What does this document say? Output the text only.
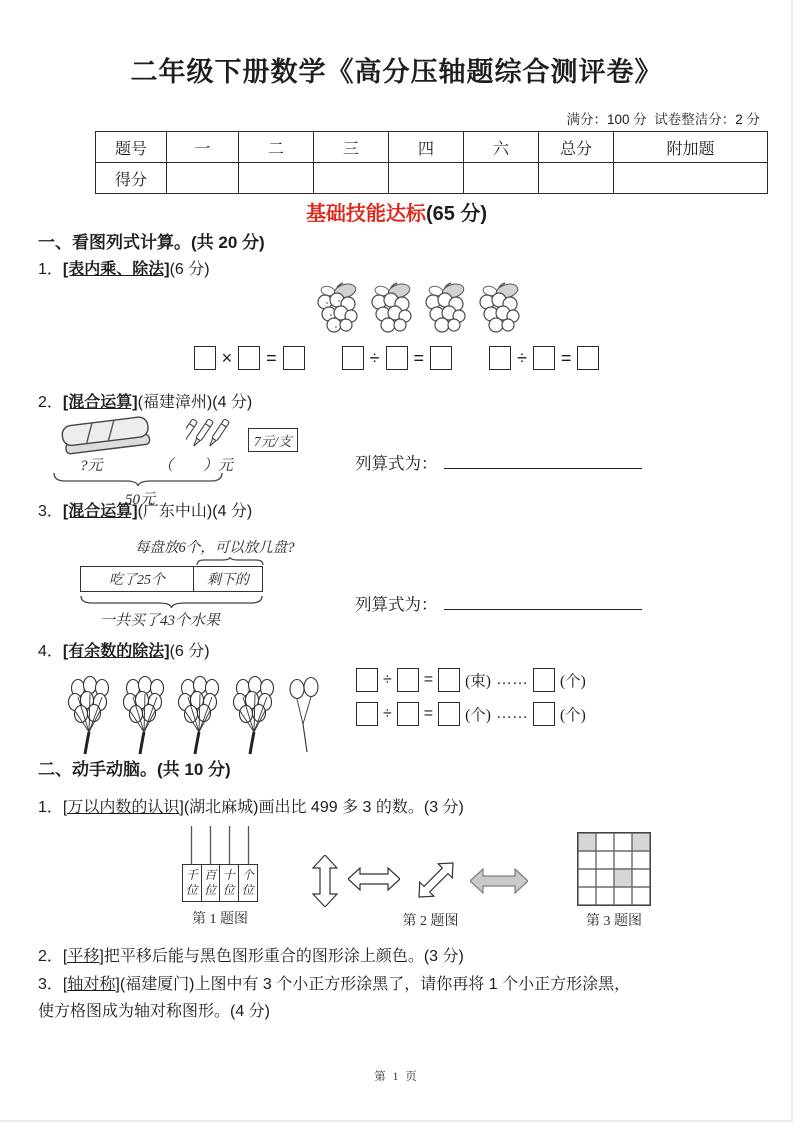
二年级下册数学《高分压轴题综合测评卷》
满分：100 分  试卷整洁分：2 分
题号	一	二	三	四	六	总分	附加题
得分							
基础技能达标(65 分)
一、看图列式计算。(共 20 分)
1．[表内乘、除法](6 分)
× =
	÷ =
	÷ =
2．[混合运算](福建漳州)(4 分)
7元/支
?元	（　　）元
50元
列算式为：
3．[混合运算](广东中山)(4 分)
每盘放6个，可以放几盘?
吃了25个	剩下的
一共买了43个水果
列算式为：
4．[有余数的除法](6 分)
÷ = (束) …… (个)
÷ = (个) …… (个)
二、动手动脑。(共 10 分)
1．[万以内数的认识](湖北麻城)画出比 499 多 3 的数。(3 分)
千位
百位
十位
个位
第 1 题图	第 2 题图	第 3 题图
2．[平移]把平移后能与黑色图形重合的图形涂上颜色。(3 分)
3．[轴对称](福建厦门)上图中有 3 个小正方形涂黑了，请你再将 1 个小正方形涂黑，
使方格图成为轴对称图形。(4 分)
第 1 页
